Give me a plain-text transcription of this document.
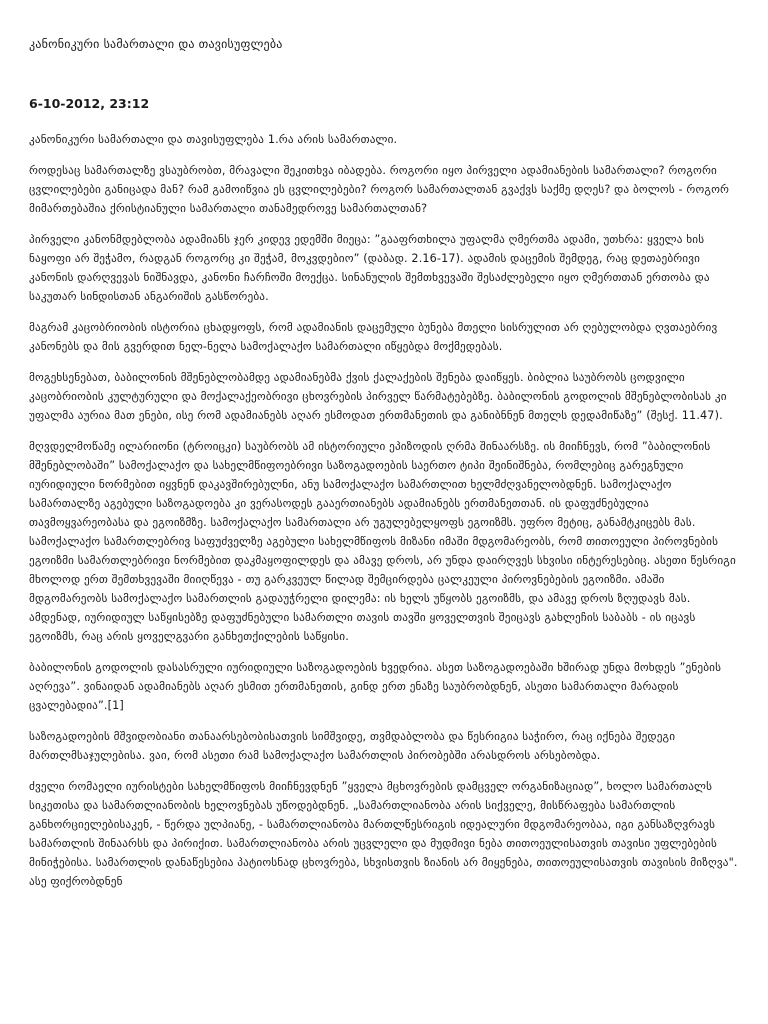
კანონიკური სამართალი და თავისუფლება
6-10-2012, 23:12

კანონიკური სამართალი და თავისუფლება 1.რა არის სამართალი.

როდესაც სამართალზე ვსაუბრობთ, მრავალი შეკითხვა იბადება. როგორი იყო პირველი ადამიანების სამართალი? როგორი ცვლილებები განიცადა მან? რამ გამოიწვია ეს ცვლილებები? როგორ სამართალთან გვაქვს საქმე დღეს? და ბოლოს - როგორ მიმართებაშია ქრისტიანული სამართალი თანამედროვე სამართალთან?

პირველი კანონმდებლობა ადამიანს ჯერ კიდევ ედემში მიეცა: ”გააფრთხილა უფალმა ღმერთმა ადამი, უთხრა: ყველა ხის ნაყოფი არ შეჭამო, რადგან როგორც კი შეჭამ, მოკვდებიო” (დაბად. 2.16-17). ადამის დაცემის შემდეგ, რაც დეთაებრივი კანონის დარღვევას ნიშნავდა, კანონი ჩარჩოში მოექცა. სინანულის შემთხვევაში შესაძლებელი იყო ღმერთთან ერთობა და საკუთარ სინდისთან ანგარიშის გასწორება.

მაგრამ კაცობრიობის ისტორია ცხადყოფს, რომ ადამიანის დაცემული ბუნება მთელი სისრულით არ ღებულობდა ღვთაებრივ კანონებს და მის გვერდით ნელ-ნელა სამოქალაქო სამართალი იწყებდა მოქმედებას.

მოგეხსენებათ, ბაბილონის მშენებლობამდე ადამიანებმა ქვის ქალაქების შენება დაიწყეს. ბიბლია საუბრობს ცოდვილი კაცობრიობის კულტურული და მოქალაქეობრივი ცხოვრების პირველ წარმატებებზე. ბაბილონის გოდოლის მშენებლობისას კი უფალმა აურია მათ ენები, ისე რომ ადამიანებს აღარ ესმოდათ ერთმანეთის და განიბნნენ მთელს დედამიწაზე” (შესქ. 11.47).

მღვდელმოწამე ილარიონი (ტროიცკი) საუბრობს ამ ისტორიული ეპიზოდის ღრმა შინაარსზე. ის მიიჩნევს, რომ ”ბაბილონის მშენებლობაში” სამოქალაქო და სახელმწიფოებრივი საზოგადოების საერთო ტიპი შეინიშნება, რომლებიც გარეგნული იურიდიული ნორმებით იყვნენ დაკავშირებულნი, ანუ სამოქალაქო სამართლით ხელმძღვანელობდნენ. სამოქალაქო სამართალზე აგებული საზოგადოება კი ვერასოდეს გააერთიანებს ადამიანებს ერთმანეთთან. ის დაფუძნებულია თავმოყვარეობასა და ეგოიზმზე. სამოქალაქო სამართალი არ უგულებელყოფს ეგოიზმს. უფრო მეტიც, განამტკიცებს მას. სამოქალაქო სამართლებრივ საფუძველზე აგებული სახელმწიფოს მიზანი იმაში მდგომარეობს, რომ თითოეული პიროვნების ეგოიზმი სამართლებრივი ნორმებით დაკმაყოფილდეს და ამავე დროს, არ უნდა დაირღვეს სხვისი ინტერესებიც. ასეთი წესრიგი მხოლოდ ერთ შემთხვევაში მიიღწევა - თუ გარკვეულ წილად შემცირდება ცალკეული პიროვნებების ეგოიზმი. ამაში მდგომარეობს სამოქალაქო სამართლის გადაუჭრელი დილემა: ის ხელს უწყობს ეგოიზმს, და ამავე დროს ზღუდავს მას. ამდენად, იურიდიულ საწყისებზე დაფუძნებული სამართლი თავის თავში ყოველთვის შეიცავს გახლეჩის საბაბს - ის იცავს ეგოიზმს, რაც არის ყოველგვარი განხეთქილების საწყისი.

ბაბილონის გოდოლის დასასრული იურიდიული საზოგადოების ხვედრია. ასეთ საზოგადოებაში ხშირად უნდა მოხდეს ”ენების აღრევა”. ვინაიდან ადამიანებს აღარ ესმით ერთმანეთის, გინდ ერთ ენაზე საუბრობდნენ, ასეთი სამართალი მარადის ცვალებადია”.[1]

საზოგადოების მშვიდობიანი თანაარსებობისათვის სიმშვიდე, თვმდაბლობა და წესრიგია საჭირო, რაც იქნება შედეგი მართლმსაჯულებისა. ვაი, რომ ასეთი რამ სამოქალაქო სამართლის პირობებში არასდროს არსებობდა.

ძველი რომაელი იურისტები სახელმწიფოს მიიჩნევდნენ ”ყველა მცხოვრების დამცველ ორგანიზაციად”, ხოლო სამართალს სიკეთისა და სამართლიანობის ხელოვნებას უწოდებდნენ. „სამართლიანობა არის სიქველე, მისწრაფება სამართლის განხორციელებისაკენ, - წერდა ულპიანე, - სამართლიანობა მართლწესრიგის იდეალური მდგომარეობაა, იგი განსაზღვრავს სამართლის შინაარსს და პირიქით. სამართლიანობა არის უცვლელი და მუდმივი ნება თითოეულისათვის თავისი უფლებების მინიჭებისა. სამართლის დანაწესებია პატიოსნად ცხოვრება, სხვისთვის ზიანის არ მიყენება, თითოეულისათვის თავისის მიზღვა". ასე ფიქრობდნენ
